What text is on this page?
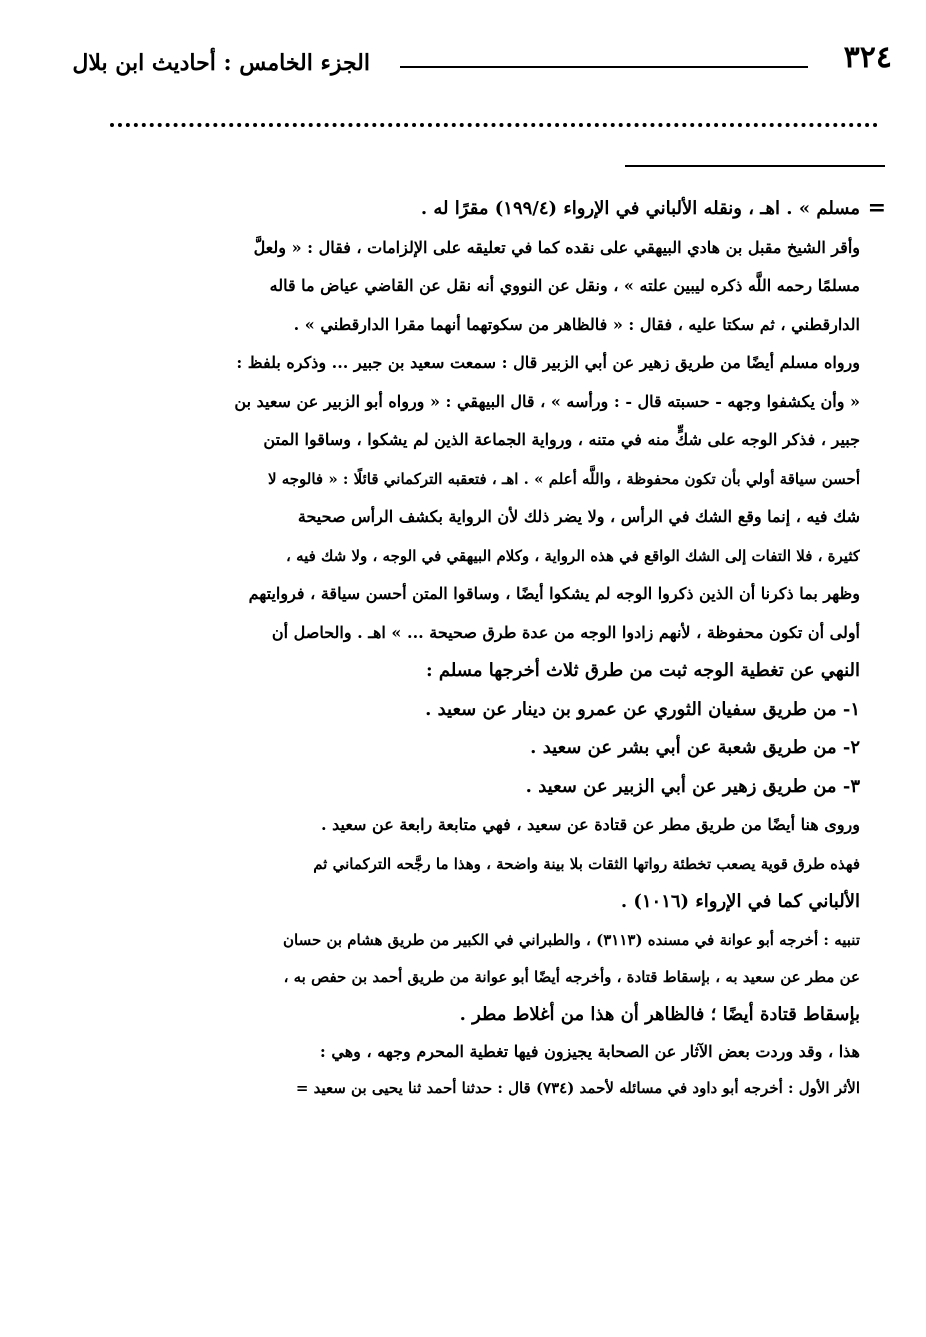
٣٢٤
الجزء الخامس : أحاديث ابن بلال
=
مسلم » . اهـ ، ونقله الألباني في الإرواء (١٩٩/٤) مقرًا له .
وأقر الشيخ مقبل بن هادي البيهقي على نقده كما في تعليقه على الإلزامات ، فقال : « ولعلَّ
مسلمًا رحمه اللَّه ذكره ليبين علته » ، ونقل عن النووي أنه نقل عن القاضي عياض ما قاله
الدارقطني ، ثم سكتا عليه ، فقال : « فالظاهر من سكوتهما أنهما مقرا الدارقطني » .
ورواه مسلم أيضًا من طريق زهير عن أبي الزبير قال : سمعت سعيد بن جبير ... وذكره بلفظ :
« وأن يكشفوا وجهه - حسبته قال - : ورأسه » ، قال البيهقي : « ورواه أبو الزبير عن سعيد بن
جبير ، فذكر الوجه على شكٍّ منه في متنه ، ورواية الجماعة الذين لم يشكوا ، وساقوا المتن
أحسن سياقة أولي بأن تكون محفوظة ، واللَّه أعلم » . اهـ ، فتعقبه التركماني قائلًا : « فالوجه لا
شك فيه ، إنما وقع الشك في الرأس ، ولا يضر ذلك لأن الرواية بكشف الرأس صحيحة
كثيرة ، فلا التفات إلى الشك الواقع في هذه الرواية ، وكلام البيهقي في الوجه ، ولا شك فيه ،
وظهر بما ذكرنا أن الذين ذكروا الوجه لم يشكوا أيضًا ، وساقوا المتن أحسن سياقة ، فروايتهم
أولى أن تكون محفوظة ، لأنهم زادوا الوجه من عدة طرق صحيحة ... » اهـ . والحاصل أن
النهي عن تغطية الوجه ثبت من طرق ثلاث أخرجها مسلم :
١- من طريق سفيان الثوري عن عمرو بن دينار عن سعيد .
٢- من طريق شعبة عن أبي بشر عن سعيد .
٣- من طريق زهير عن أبي الزبير عن سعيد .
وروى هنا أيضًا من طريق مطر عن قتادة عن سعيد ، فهي متابعة رابعة عن سعيد .
فهذه طرق قوية يصعب تخطئة رواتها الثقات بلا بينة واضحة ، وهذا ما رجَّحه التركماني ثم
الألباني كما في الإرواء (١٠١٦) .
تنبيه : أخرجه أبو عوانة في مسنده (٣١١٣) ، والطبراني في الكبير من طريق هشام بن حسان
عن مطر عن سعيد به ، بإسقاط قتادة ، وأخرجه أيضًا أبو عوانة من طريق أحمد بن حفص به ،
بإسقاط قتادة أيضًا ؛ فالظاهر أن هذا من أغلاط مطر .
هذا ، وقد وردت بعض الآثار عن الصحابة يجيزون فيها تغطية المحرم وجهه ، وهي :
الأثر الأول : أخرجه أبو داود في مسائله لأحمد (٧٣٤) قال : حدثنا أحمد ثنا يحيى بن سعيد =
